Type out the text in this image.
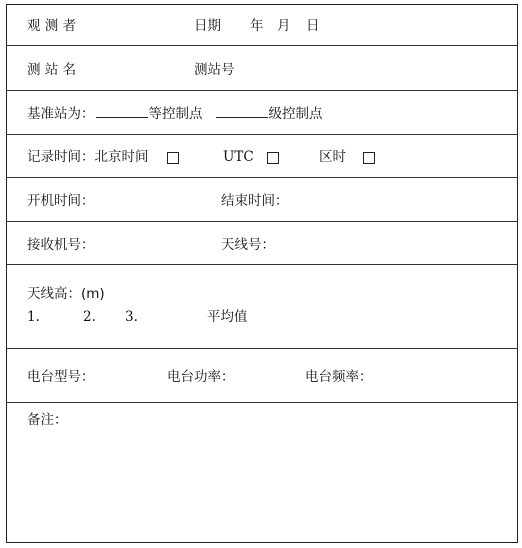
观 测 者	日期 年 月 日
测 站 名	测站号
基准站为：	等控制点	级控制点
记录时间：北京时间	UTC	区时
开机时间：	结束时间：
接收机号：	天线号：
天线高：(m)
1.	2. 3.	平均值
电台型号：	电台功率：	电台频率：
备注：
